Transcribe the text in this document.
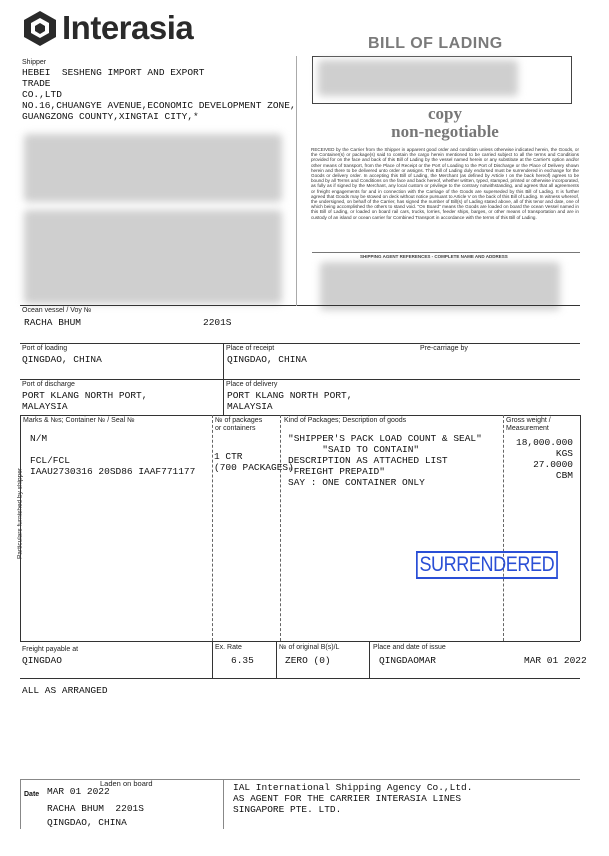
Interasia	BILL OF LADING
Shipper
HEBEI  SESHENG IMPORT AND EXPORT
TRADE
CO.,LTD
NO.16,CHUANGYE AVENUE,ECONOMIC DEVELOPMENT ZONE,
GUANGZONG COUNTY,XINGTAI CITY,*	copy
non-negotiable
RECEIVED by the Carrier from the Shipper in apparent good order and condition unless otherwise indicated herein, the Goods, or the Container(s) or package(s) said to contain the cargo herein mentioned to be carried subject to all the terms and Conditions provided for on the face and back of this Bill of Lading by the vessel named herein or any substitute at the Carrier's option and/or other means of transport, from the Place of Receipt or the Port of Loading to the Port of Discharge or the Place of Delivery shown herein and there to be delivered unto order or assigns. This Bill of Lading duly endorsed must be surrendered in exchange for the Goods or delivery order. In accepting this Bill of Lading, the Merchant (as defined by Article I on the back hereof) agrees to be bound by all Terms and Conditions on the face and back hereof, whether written, typed, stamped, printed or otherwise incorporated, as fully as if signed by the Merchant, any local custom or privilege to the contrary notwithstanding, and agrees that all agreements or freight engagements for and in connection with the Carriage of the Goods are superseded by this Bill of Lading. It is further agreed that Goods may be stowed on deck without notice pursuant to Article V on the back of this Bill of Lading. In witness whereof, the undersigned, on behalf of the Carrier, has signed the number of Bill(s) of Lading stated above, all of this tenor and date, one of which being accomplished the others to stand void. "On Board" means the Goods are loaded on board the ocean Vessel named in this Bill of Lading, or loaded on board rail cars, trucks, lorries, feeder ships, barges, or other means of transportation and are in custody of an island or ocean carrier for Combined Transport in accordance with the terms of this Bill of Lading.
SHIPPING AGENT REFERENCES - COMPLETE NAME AND ADDRESS
Ocean vessel / Voy №
RACHA BHUM	2201S
Port of loading
QINGDAO, CHINA
Place of receipt
QINGDAO, CHINA
Pre-carriage by
Port of discharge
PORT KLANG NORTH PORT,
MALAYSIA
Place of delivery
PORT KLANG NORTH PORT,
MALAYSIA
Marks & №s; Container № / Seal №
N/M

FCL/FCL
IAAU2730316 20SD86 IAAF771177
№ of packages
or containers
1 CTR
(700 PACKAGES)
Kind of Packages; Description of goods
"SHIPPER'S PACK LOAD COUNT & SEAL"
"SAID TO CONTAIN"
DESCRIPTION AS ATTACHED LIST
"FREIGHT PREPAID"
SAY : ONE CONTAINER ONLY
Gross weight /
Measurement
18,000.000
KGS
27.0000
CBM
Particulars furnished by shipper
SURRENDERED
Freight payable at
QINGDAO
Ex. Rate
6.35
№ of original B(s)/L
ZERO (0)
Place and date of issue
QINGDAOMAR	MAR 01 2022
ALL AS ARRANGED
Laden on board
Date MAR 01 2022
RACHA BHUM  2201S
QINGDAO, CHINA
IAL International Shipping Agency Co.,Ltd.
AS AGENT FOR THE CARRIER INTERASIA LINES
SINGAPORE PTE. LTD.
